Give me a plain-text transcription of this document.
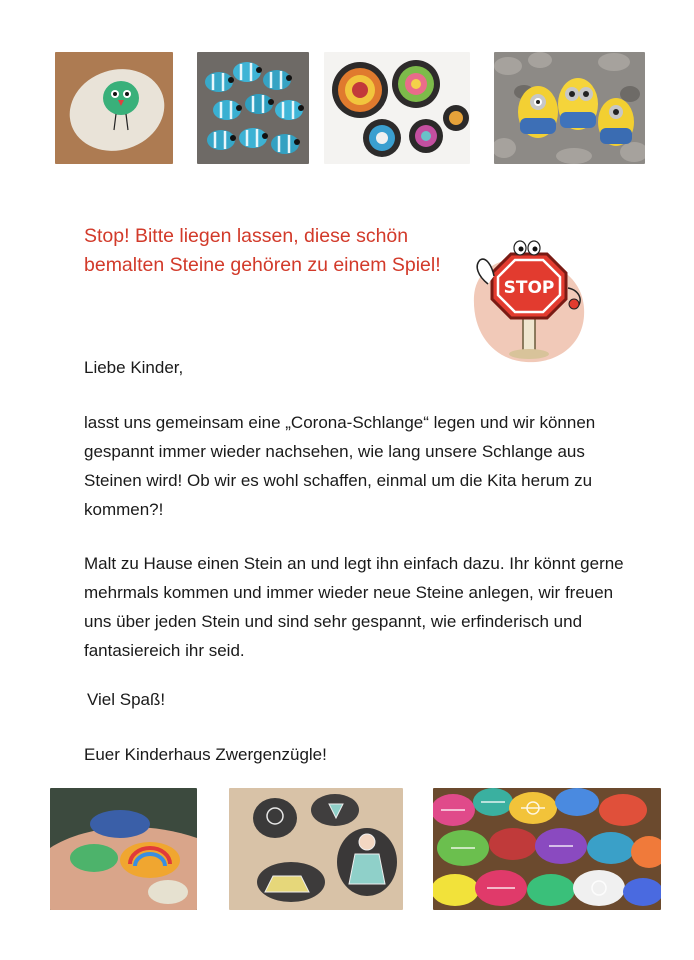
Stop! Bitte liegen lassen, diese schön bemalten Steine gehören zu einem Spiel!
STOP

Liebe Kinder,

lasst uns gemeinsam eine „Corona-Schlange“ legen und wir können gespannt immer wieder nachsehen, wie lang unsere Schlange aus Steinen wird! Ob wir es wohl schaffen, einmal um die Kita herum zu kommen?!

Malt zu Hause einen Stein an und legt ihn einfach dazu. Ihr könnt gerne mehrmals kommen und immer wieder neue Steine anlegen, wir freuen uns über jeden Stein und sind sehr gespannt, wie erfinderisch und fantasiereich ihr seid.

Viel Spaß!

Euer Kinderhaus Zwergenzügle!
